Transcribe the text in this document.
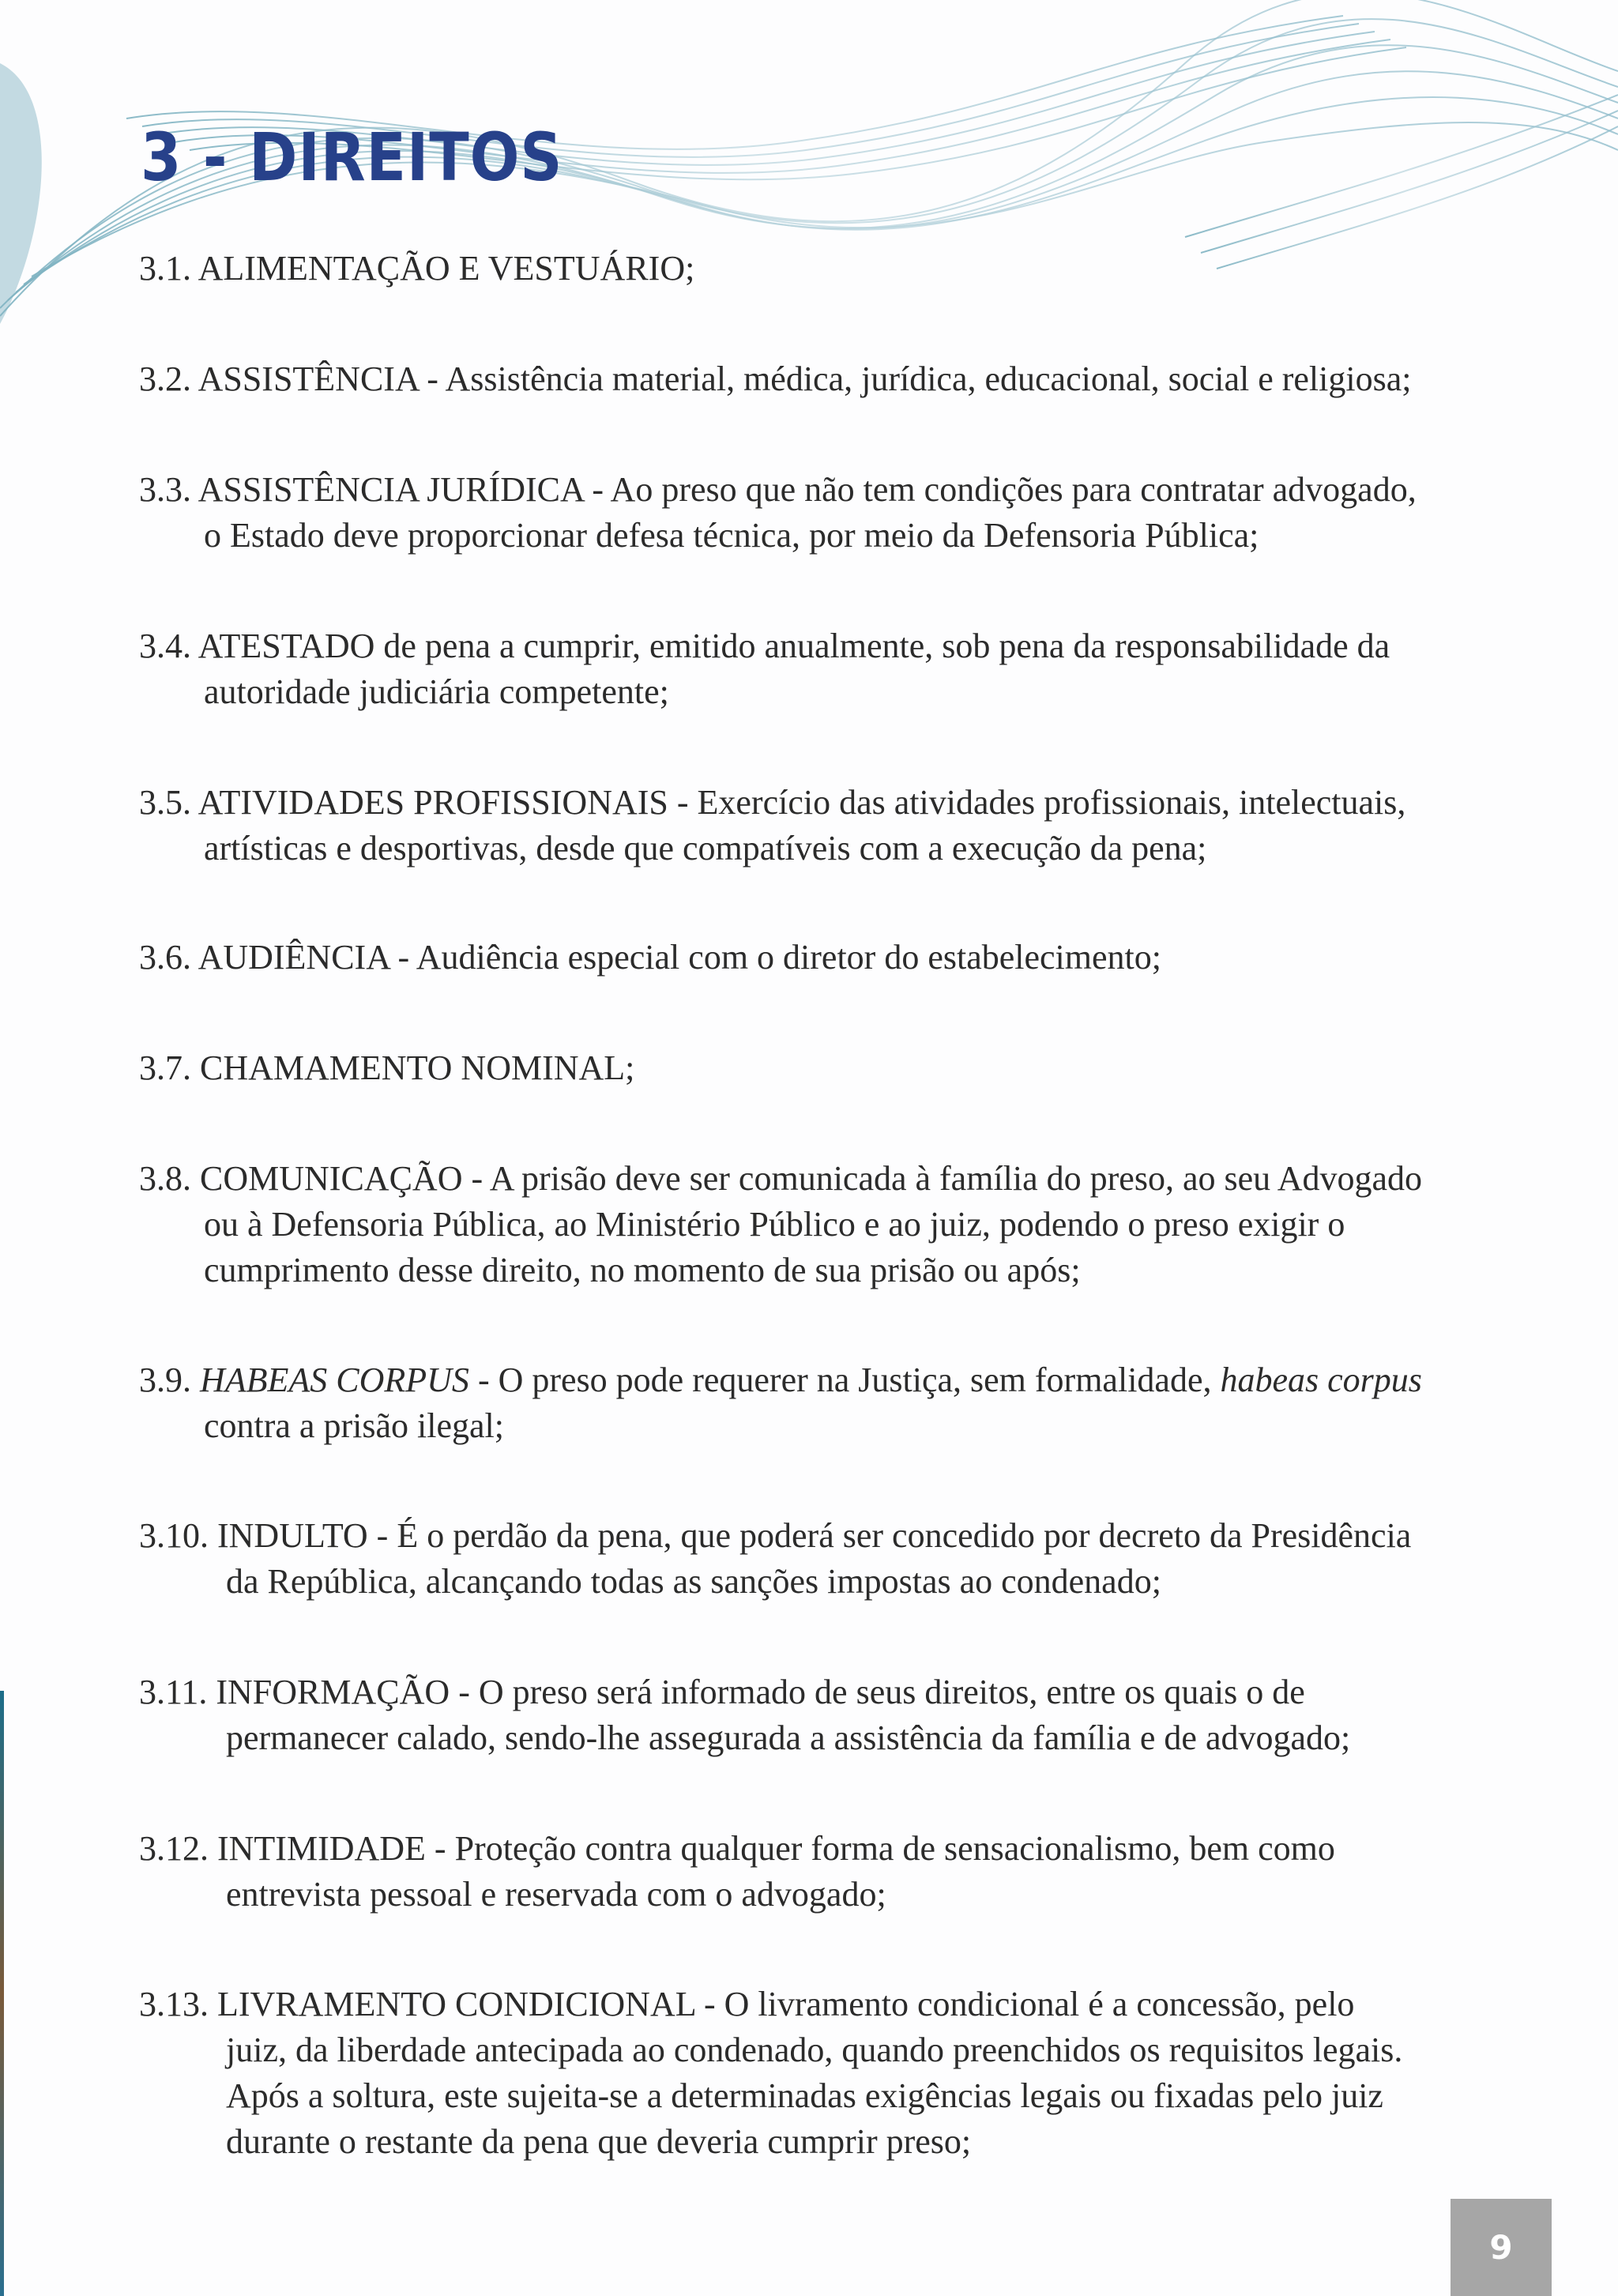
3 - DIREITOS

3.1. ALIMENTAÇÃO E VESTUÁRIO;

3.2. ASSISTÊNCIA - Assistência material, médica, jurídica, educacional, social e religiosa;

3.3. ASSISTÊNCIA JURÍDICA - Ao preso que não tem condições para contratar advogado,
o Estado deve proporcionar defesa técnica, por meio da Defensoria Pública;

3.4. ATESTADO de pena a cumprir, emitido anualmente, sob pena da responsabilidade da
autoridade judiciária competente;

3.5. ATIVIDADES PROFISSIONAIS - Exercício das atividades profissionais, intelectuais,
artísticas e desportivas, desde que compatíveis com a execução da pena;

3.6. AUDIÊNCIA - Audiência especial com o diretor do estabelecimento;

3.7. CHAMAMENTO NOMINAL;

3.8. COMUNICAÇÃO - A prisão deve ser comunicada à família do preso, ao seu Advogado
ou à Defensoria Pública, ao Ministério Público e ao juiz, podendo o preso exigir o
cumprimento desse direito, no momento de sua prisão ou após;

3.9. HABEAS CORPUS - O preso pode requerer na Justiça, sem formalidade, habeas corpus
contra a prisão ilegal;

3.10. INDULTO - É o perdão da pena, que poderá ser concedido por decreto da Presidência
da República, alcançando todas as sanções impostas ao condenado;

3.11. INFORMAÇÃO - O preso será informado de seus direitos, entre os quais o de
permanecer calado, sendo-lhe assegurada a assistência da família e de advogado;

3.12. INTIMIDADE - Proteção contra qualquer forma de sensacionalismo, bem como
entrevista pessoal e reservada com o advogado;

3.13. LIVRAMENTO CONDICIONAL - O livramento condicional é a concessão, pelo
juiz, da liberdade antecipada ao condenado, quando preenchidos os requisitos legais.
Após a soltura, este sujeita-se a determinadas exigências legais ou fixadas pelo juiz
durante o restante da pena que deveria cumprir preso;

9
